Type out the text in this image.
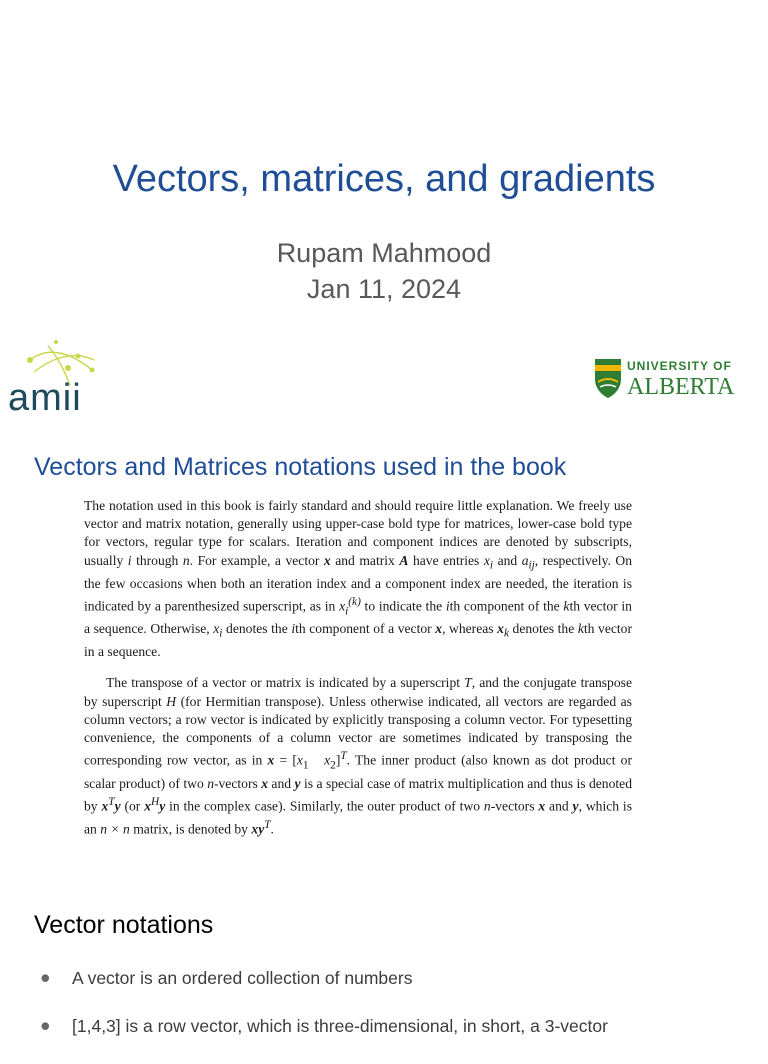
Vectors, matrices, and gradients
Rupam Mahmood
Jan 11, 2024
amii
UNIVERSITY OF
ALBERTA
Vectors and Matrices notations used in the book

The notation used in this book is fairly standard and should require little explanation. We freely use vector and matrix notation, generally using upper-case bold type for matrices, lower-case bold type for vectors, regular type for scalars. Iteration and component indices are denoted by subscripts, usually i through n. For example, a vector x and matrix A have entries $x_i$ and $a_{ij}$, respectively. On the few occasions when both an iteration index and a component index are needed, the iteration is indicated by a parenthesized superscript, as in $x_i^{(k)}$ to indicate the ith component of the kth vector in a sequence. Otherwise, $x_i$ denotes the ith component of a vector x, whereas $x_k$ denotes the kth vector in a sequence.

The transpose of a vector or matrix is indicated by a superscript T, and the conjugate transpose by superscript H (for Hermitian transpose). Unless otherwise indicated, all vectors are regarded as column vectors; a row vector is indicated by explicitly transposing a column vector. For typesetting convenience, the components of a column vector are sometimes indicated by transposing the corresponding row vector, as in $x = [x_1$ $x_2]^T$. The inner product (also known as dot product or scalar product) of two n-vectors x and y is a special case of matrix multiplication and thus is denoted by $x^Ty$ (or $x^Hy$ in the complex case). Similarly, the outer product of two n-vectors x and y, which is an n × n matrix, is denoted by $xy^T$.

Vector notations
● A vector is an ordered collection of numbers
● [1,4,3] is a row vector, which is three-dimensional, in short, a 3-vector
